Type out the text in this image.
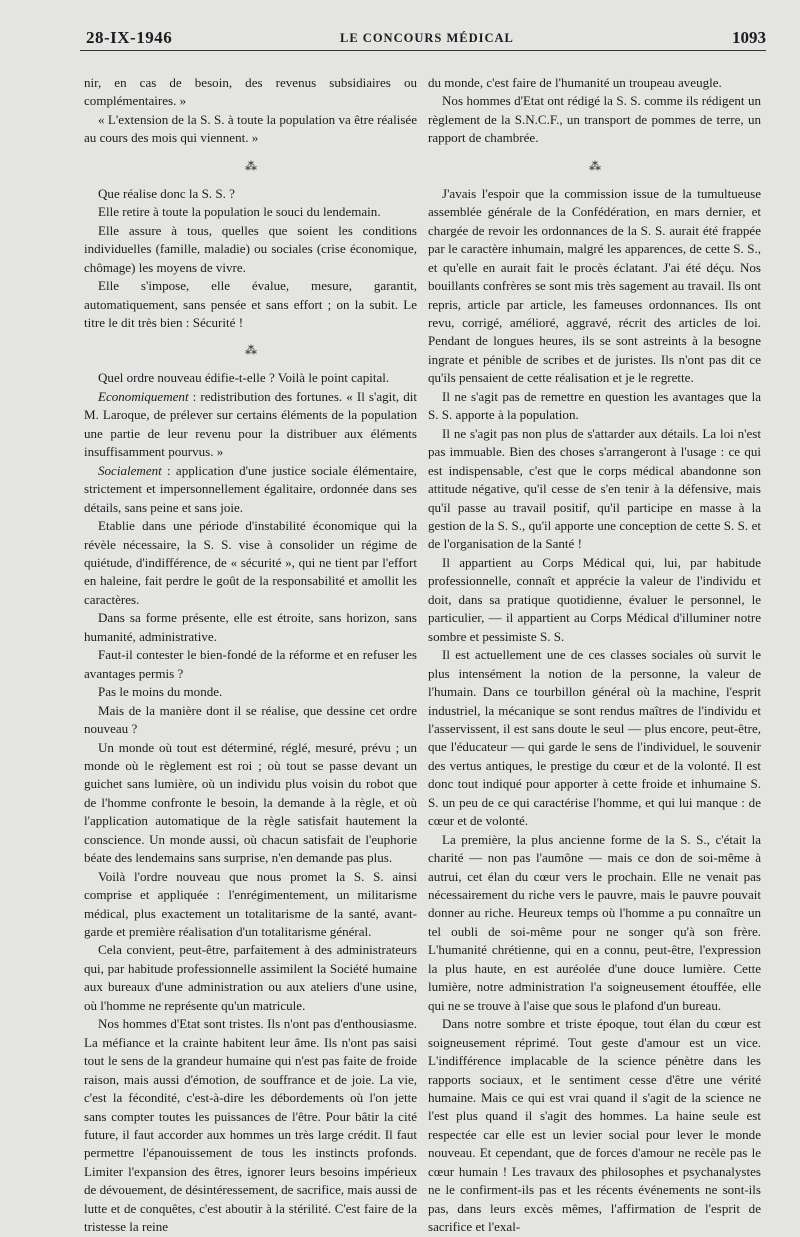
28-IX-1946	LE CONCOURS MÉDICAL	1093

nir, en cas de besoin, des revenus subsidiaires ou complémentaires. »

« L'extension de la S. S. à toute la population va être réalisée au cours des mois qui viennent. »

⁂

Que réalise donc la S. S. ?

Elle retire à toute la population le souci du lendemain.

Elle assure à tous, quelles que soient les conditions individuelles (famille, maladie) ou sociales (crise économique, chômage) les moyens de vivre.

Elle s'impose, elle évalue, mesure, garantit, automatiquement, sans pensée et sans effort ; on la subit. Le titre le dit très bien : Sécurité !

⁂

Quel ordre nouveau édifie-t-elle ? Voilà le point capital.

Economiquement : redistribution des fortunes. « Il s'agit, dit M. Laroque, de prélever sur certains éléments de la population une partie de leur revenu pour la distribuer aux éléments insuffisamment pourvus. »

Socialement : application d'une justice sociale élémentaire, strictement et impersonnellement égalitaire, ordonnée dans ses détails, sans peine et sans joie.

Etablie dans une période d'instabilité économique qui la révèle nécessaire, la S. S. vise à consolider un régime de quiétude, d'indifférence, de « sécurité », qui ne tient par l'effort en haleine, fait perdre le goût de la responsabilité et amollit les caractères.

Dans sa forme présente, elle est étroite, sans horizon, sans humanité, administrative.

Faut-il contester le bien-fondé de la réforme et en refuser les avantages permis ?

Pas le moins du monde.

Mais de la manière dont il se réalise, que dessine cet ordre nouveau ?

Un monde où tout est déterminé, réglé, mesuré, prévu ; un monde où le règlement est roi ; où tout se passe devant un guichet sans lumière, où un individu plus voisin du robot que de l'homme confronte le besoin, la demande à la règle, et où l'application automatique de la règle satisfait hautement la conscience. Un monde aussi, où chacun satisfait de l'euphorie béate des lendemains sans surprise, n'en demande pas plus.

Voilà l'ordre nouveau que nous promet la S. S. ainsi comprise et appliquée : l'enrégimentement, un militarisme médical, plus exactement un totalitarisme de la santé, avant-garde et première réalisation d'un totalitarisme général.

Cela convient, peut-être, parfaitement à des administrateurs qui, par habitude professionnelle assimilent la Société humaine aux bureaux d'une administration ou aux ateliers d'une usine, où l'homme ne représente qu'un matricule.

Nos hommes d'Etat sont tristes. Ils n'ont pas d'enthousiasme. La méfiance et la crainte habitent leur âme. Ils n'ont pas saisi tout le sens de la grandeur humaine qui n'est pas faite de froide raison, mais aussi d'émotion, de souffrance et de joie. La vie, c'est la fécondité, c'est-à-dire les débordements où l'on jette sans compter toutes les puissances de l'être. Pour bâtir la cité future, il faut accorder aux hommes un très large crédit. Il faut permettre l'épanouissement de tous les instincts profonds. Limiter l'expansion des êtres, ignorer leurs besoins impérieux de dévouement, de désintéressement, de sacrifice, mais aussi de lutte et de conquêtes, c'est aboutir à la stérilité. C'est faire de la tristesse la reine

du monde, c'est faire de l'humanité un troupeau aveugle.

Nos hommes d'Etat ont rédigé la S. S. comme ils rédigent un règlement de la S.N.C.F., un transport de pommes de terre, un rapport de chambrée.

⁂

J'avais l'espoir que la commission issue de la tumultueuse assemblée générale de la Confédération, en mars dernier, et chargée de revoir les ordonnances de la S. S. aurait été frappée par le caractère inhumain, malgré les apparences, de cette S. S., et qu'elle en aurait fait le procès éclatant. J'ai été déçu. Nos bouillants confrères se sont mis très sagement au travail. Ils ont repris, article par article, les fameuses ordonnances. Ils ont revu, corrigé, amélioré, aggravé, récrit des articles de loi. Pendant de longues heures, ils se sont astreints à la besogne ingrate et pénible de scribes et de juristes. Ils n'ont pas dit ce qu'ils pensaient de cette réalisation et je le regrette.

Il ne s'agit pas de remettre en question les avantages que la S. S. apporte à la population.

Il ne s'agit pas non plus de s'attarder aux détails. La loi n'est pas immuable. Bien des choses s'arrangeront à l'usage : ce qui est indispensable, c'est que le corps médical abandonne son attitude négative, qu'il cesse de s'en tenir à la défensive, mais qu'il passe au travail positif, qu'il participe en masse à la gestion de la S. S., qu'il apporte une conception de cette S. S. et de l'organisation de la Santé !

Il appartient au Corps Médical qui, lui, par habitude professionnelle, connaît et apprécie la valeur de l'individu et doit, dans sa pratique quotidienne, évaluer le personnel, le particulier, — il appartient au Corps Médical d'illuminer notre sombre et pessimiste S. S.

Il est actuellement une de ces classes sociales où survit le plus intensément la notion de la personne, la valeur de l'humain. Dans ce tourbillon général où la machine, l'esprit industriel, la mécanique se sont rendus maîtres de l'individu et l'asservissent, il est sans doute le seul — plus encore, peut-être, que l'éducateur — qui garde le sens de l'individuel, le souvenir des vertus antiques, le prestige du cœur et de la volonté. Il est donc tout indiqué pour apporter à cette froide et inhumaine S. S. un peu de ce qui caractérise l'homme, et qui lui manque : de cœur et de volonté.

La première, la plus ancienne forme de la S. S., c'était la charité — non pas l'aumône — mais ce don de soi-même à autrui, cet élan du cœur vers le prochain. Elle ne venait pas nécessairement du riche vers le pauvre, mais le pauvre pouvait donner au riche. Heureux temps où l'homme a pu connaître un tel oubli de soi-même pour ne songer qu'à son frère. L'humanité chrétienne, qui en a connu, peut-être, l'expression la plus haute, en est auréolée d'une douce lumière. Cette lumière, notre administration l'a soigneusement étouffée, elle qui ne se trouve à l'aise que sous le plafond d'un bureau.

Dans notre sombre et triste époque, tout élan du cœur est soigneusement réprimé. Tout geste d'amour est un vice. L'indifférence implacable de la science pénètre dans les rapports sociaux, et le sentiment cesse d'être une vérité humaine. Mais ce qui est vrai quand il s'agit de la science ne l'est plus quand il s'agit des hommes. La haine seule est respectée car elle est un levier social pour lever le monde nouveau. Et cependant, que de forces d'amour ne recèle pas le cœur humain ! Les travaux des philosophes et psychanalystes ne le confirment-ils pas et les récents événements ne sont-ils pas, dans leurs excès mêmes, l'affirmation de l'esprit de sacrifice et l'exal-
